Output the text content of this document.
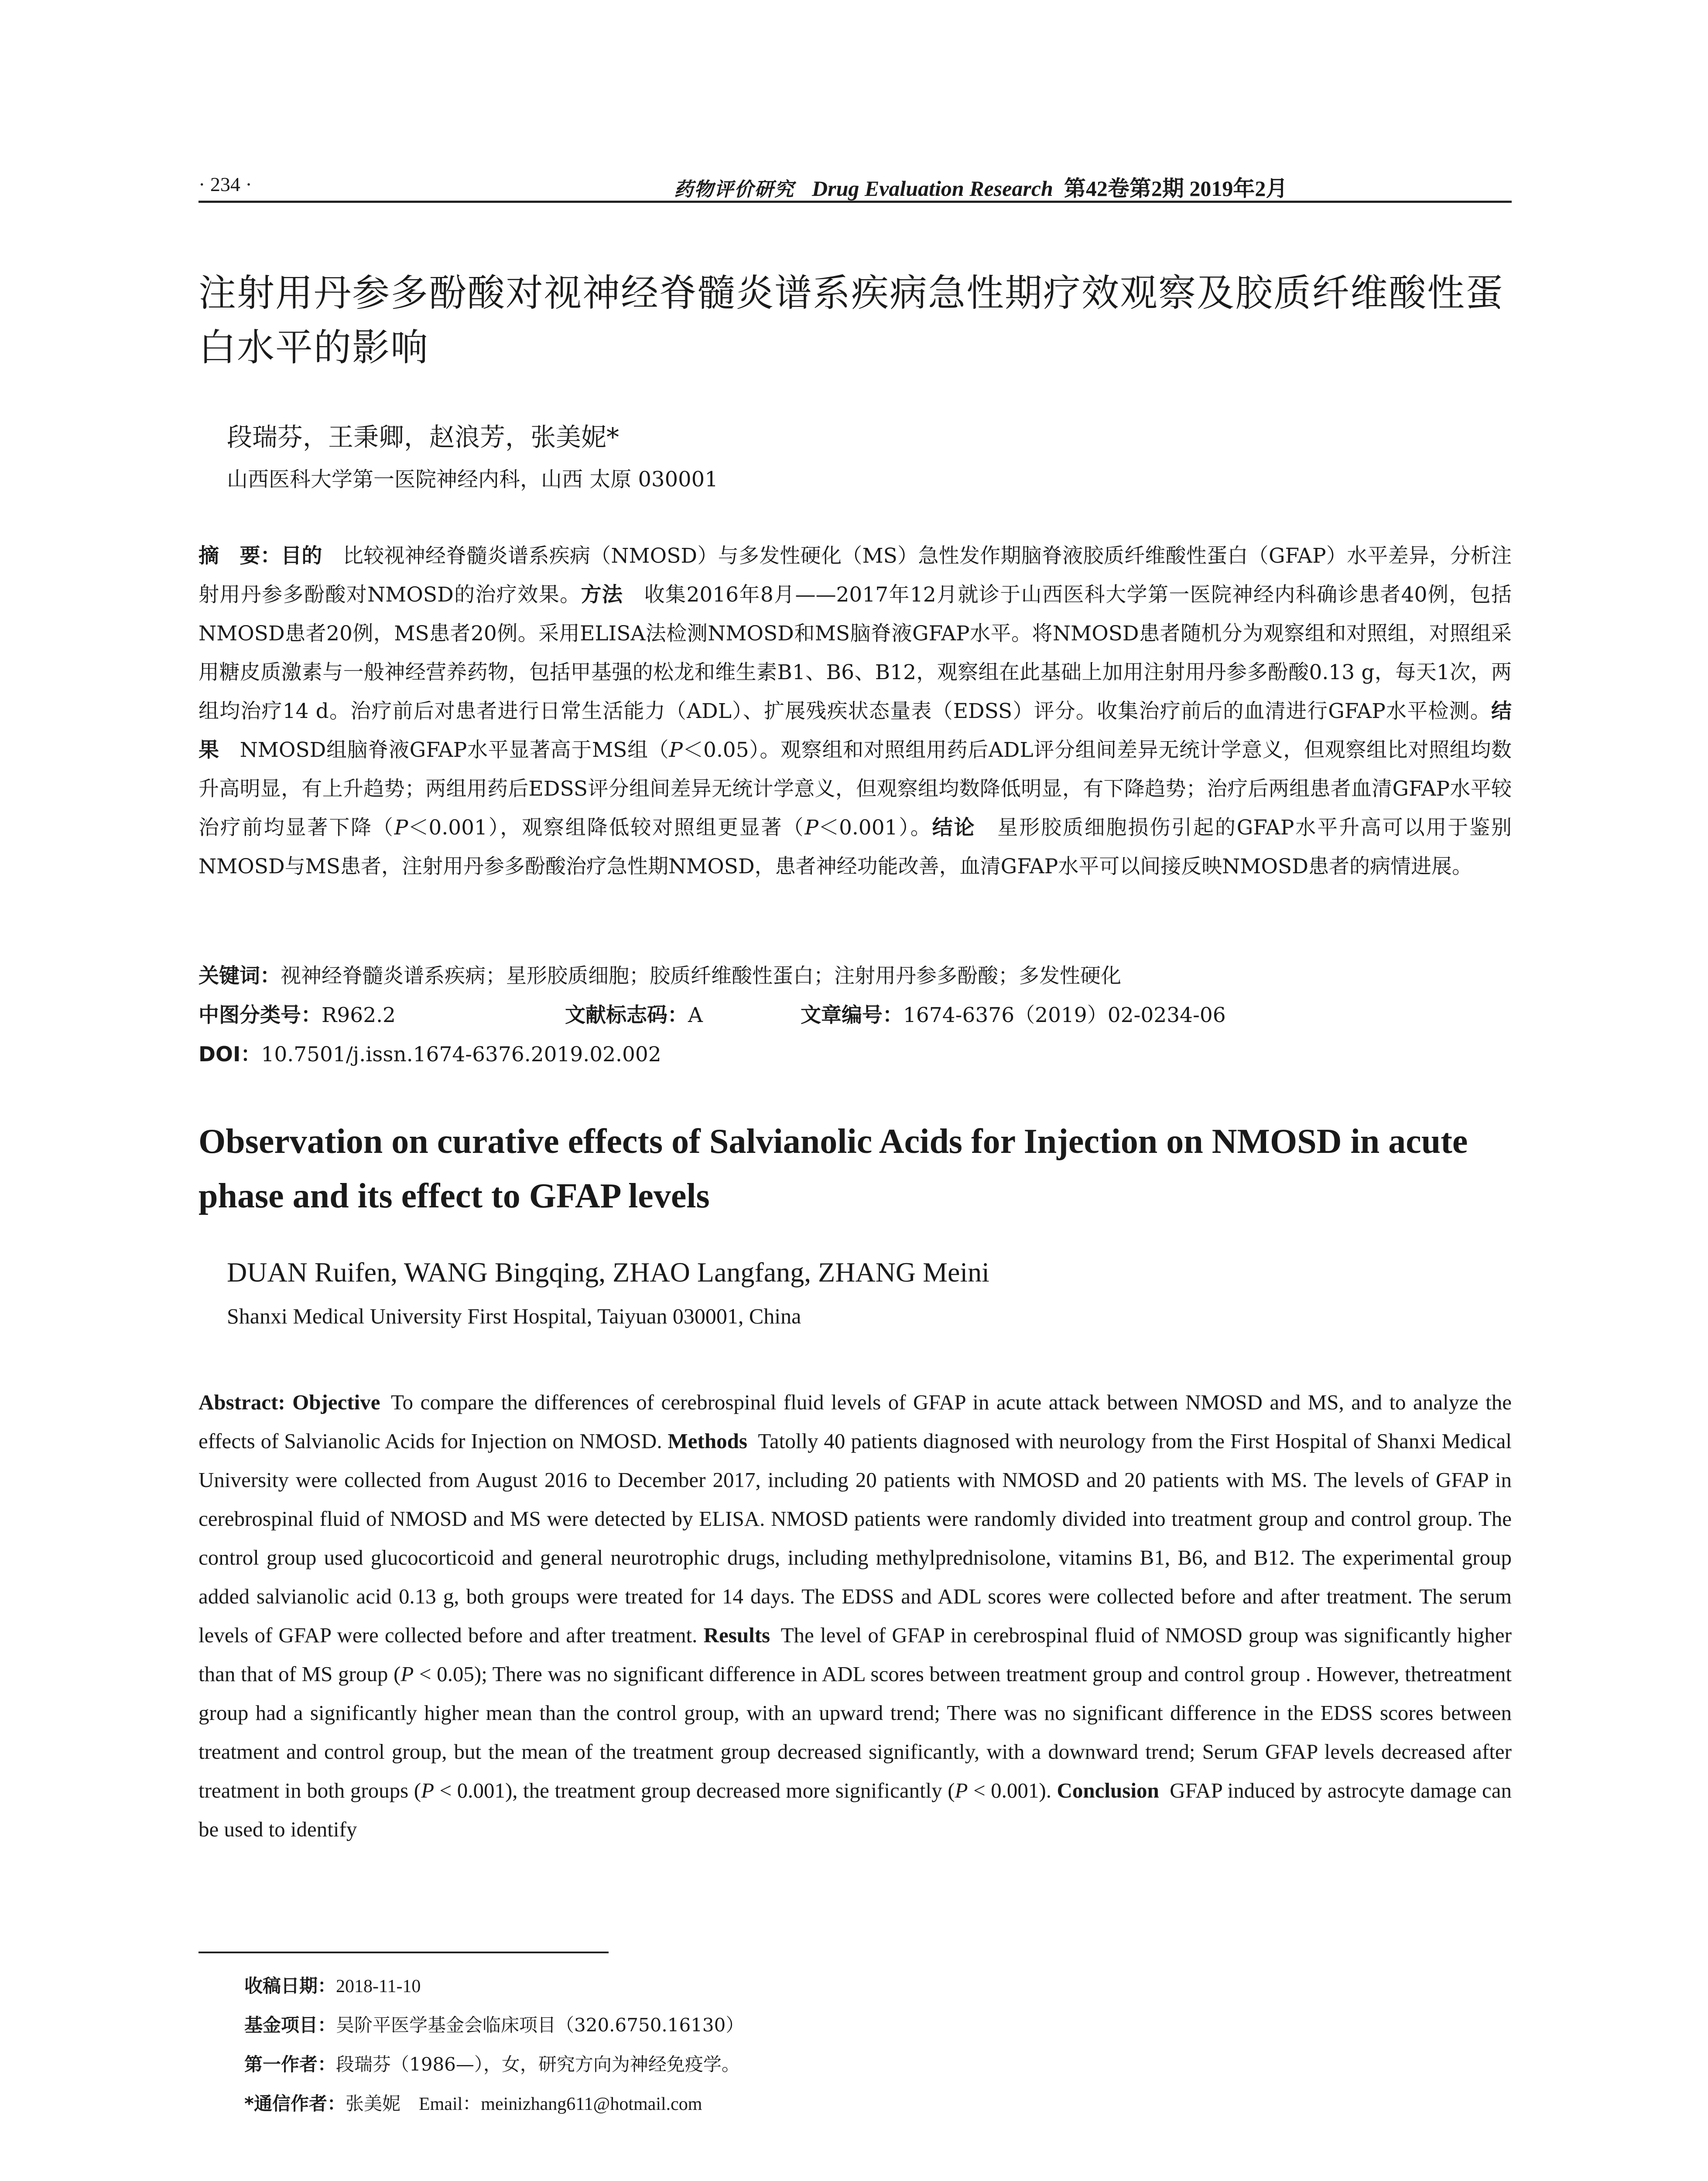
· 234 ·	药物评价研究 Drug Evaluation Research 第42卷第2期 2019年2月
注射用丹参多酚酸对视神经脊髓炎谱系疾病急性期疗效观察及胶质纤维酸性蛋白水平的影响
段瑞芬，王秉卿，赵浪芳，张美妮*
山西医科大学第一医院神经内科，山西 太原 030001
摘　要：目的  比较视神经脊髓炎谱系疾病（NMOSD）与多发性硬化（MS）急性发作期脑脊液胶质纤维酸性蛋白（GFAP）水平差异，分析注射用丹参多酚酸对NMOSD的治疗效果。方法  收集2016年8月——2017年12月就诊于山西医科大学第一医院神经内科确诊患者40例，包括NMOSD患者20例，MS患者20例。采用ELISA法检测NMOSD和MS脑脊液GFAP水平。将NMOSD患者随机分为观察组和对照组，对照组采用糖皮质激素与一般神经营养药物，包括甲基强的松龙和维生素B1、B6、B12，观察组在此基础上加用注射用丹参多酚酸0.13 g，每天1次，两组均治疗14 d。治疗前后对患者进行日常生活能力（ADL）、扩展残疾状态量表（EDSS）评分。收集治疗前后的血清进行GFAP水平检测。结果  NMOSD组脑脊液GFAP水平显著高于MS组（P＜0.05）。观察组和对照组用药后ADL评分组间差异无统计学意义，但观察组比对照组均数升高明显，有上升趋势；两组用药后EDSS评分组间差异无统计学意义，但观察组均数降低明显，有下降趋势；治疗后两组患者血清GFAP水平较治疗前均显著下降（P＜0.001），观察组降低较对照组更显著（P＜0.001）。结论  星形胶质细胞损伤引起的GFAP水平升高可以用于鉴别NMOSD与MS患者，注射用丹参多酚酸治疗急性期NMOSD，患者神经功能改善，血清GFAP水平可以间接反映NMOSD患者的病情进展。
关键词：视神经脊髓炎谱系疾病；星形胶质细胞；胶质纤维酸性蛋白；注射用丹参多酚酸；多发性硬化
中图分类号：R962.2	文献标志码：A	文章编号：1674-6376（2019）02-0234-06
DOI：10.7501/j.issn.1674-6376.2019.02.002
Observation on curative effects of Salvianolic Acids for Injection on NMOSD in acute phase and its effect to GFAP levels
DUAN Ruifen, WANG Bingqing, ZHAO Langfang, ZHANG Meini
Shanxi Medical University First Hospital, Taiyuan 030001, China
Abstract: Objective  To compare the differences of cerebrospinal fluid levels of GFAP in acute attack between NMOSD and MS, and to analyze the effects of Salvianolic Acids for Injection on NMOSD. Methods  Tatolly 40 patients diagnosed with neurology from the First Hospital of Shanxi Medical University were collected from August 2016 to December 2017, including 20 patients with NMOSD and 20 patients with MS. The levels of GFAP in cerebrospinal fluid of NMOSD and MS were detected by ELISA. NMOSD patients were randomly divided into treatment group and control group. The control group used glucocorticoid and general neurotrophic drugs, including methylprednisolone, vitamins B1, B6, and B12. The experimental group added salvianolic acid 0.13 g, both groups were treated for 14 days. The EDSS and ADL scores were collected before and after treatment. The serum levels of GFAP were collected before and after treatment. Results  The level of GFAP in cerebrospinal fluid of NMOSD group was significantly higher than that of MS group (P < 0.05); There was no significant difference in ADL scores between treatment group and control group . However, thetreatment group had a significantly higher mean than the control group, with an upward trend; There was no significant difference in the EDSS scores between treatment and control group, but the mean of the treatment group decreased significantly, with a downward trend; Serum GFAP levels decreased after treatment in both groups (P < 0.001), the treatment group decreased more significantly (P < 0.001). Conclusion  GFAP induced by astrocyte damage can be used to identify
收稿日期：2018-11-10
基金项目：吴阶平医学基金会临床项目（320.6750.16130）
第一作者：段瑞芬（1986—），女，研究方向为神经免疫学。
*通信作者：张美妮  Email：meinizhang611@hotmail.com
